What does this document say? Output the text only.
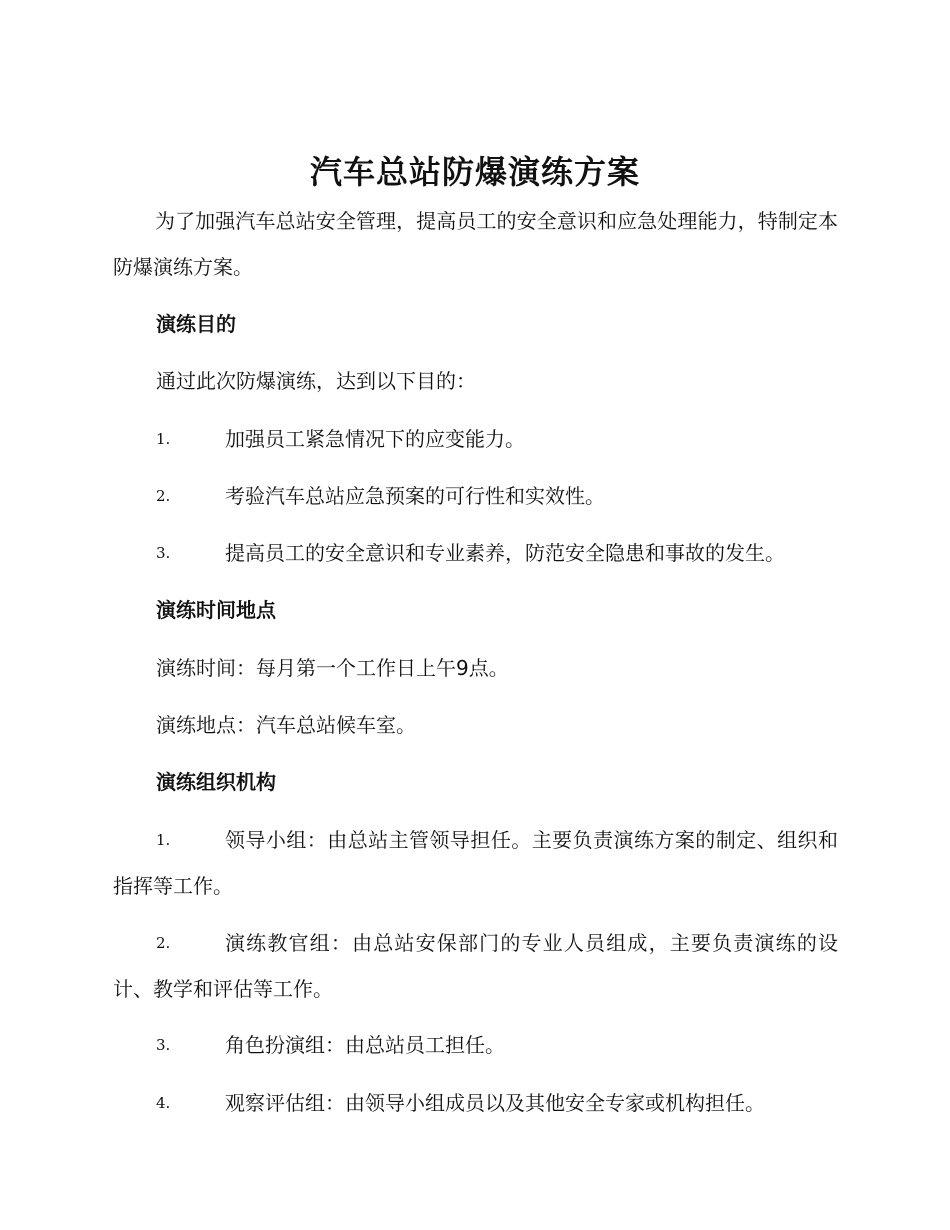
汽车总站防爆演练方案
为了加强汽车总站安全管理，提高员工的安全意识和应急处理能力，特制定本防爆演练方案。
演练目的
通过此次防爆演练，达到以下目的：
1.	加强员工紧急情况下的应变能力。
2.	考验汽车总站应急预案的可行性和实效性。
3.	提高员工的安全意识和专业素养，防范安全隐患和事故的发生。
演练时间地点
演练时间：每月第一个工作日上午9点。
演练地点：汽车总站候车室。
演练组织机构
1.	领导小组：由总站主管领导担任。主要负责演练方案的制定、组织和指挥等工作。
2.	演练教官组：由总站安保部门的专业人员组成，主要负责演练的设计、教学和评估等工作。
3.	角色扮演组：由总站员工担任。
4.	观察评估组：由领导小组成员以及其他安全专家或机构担任。
